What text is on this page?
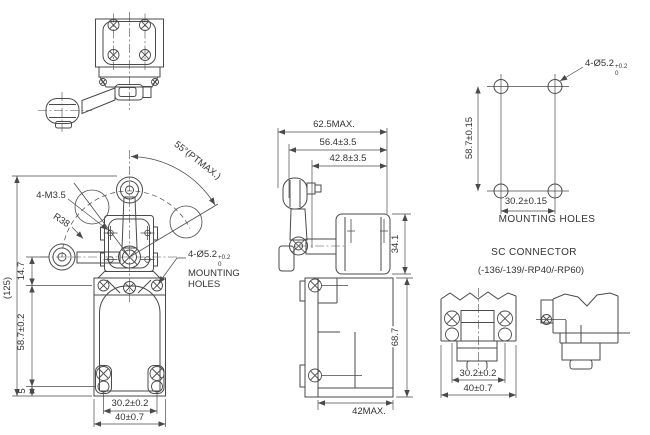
55°(PTMAX.)
4-M3.5
R38
4-Ø5.2 +0.2
0
MOUNTING
HOLES
(125)
14.7
58.7±0.2
5
30.2±0.2
40±0.7
62.5MAX.
56.4±3.5
42.8±3.5
34.1
68.7
42MAX.
4-Ø5.2 +0.2
0
58.7±0.15
30.2±0.15
MOUNTING HOLES
SC CONNECTOR
(-136/-139/-RP40/-RP60)
30.2±0.2
40±0.7
